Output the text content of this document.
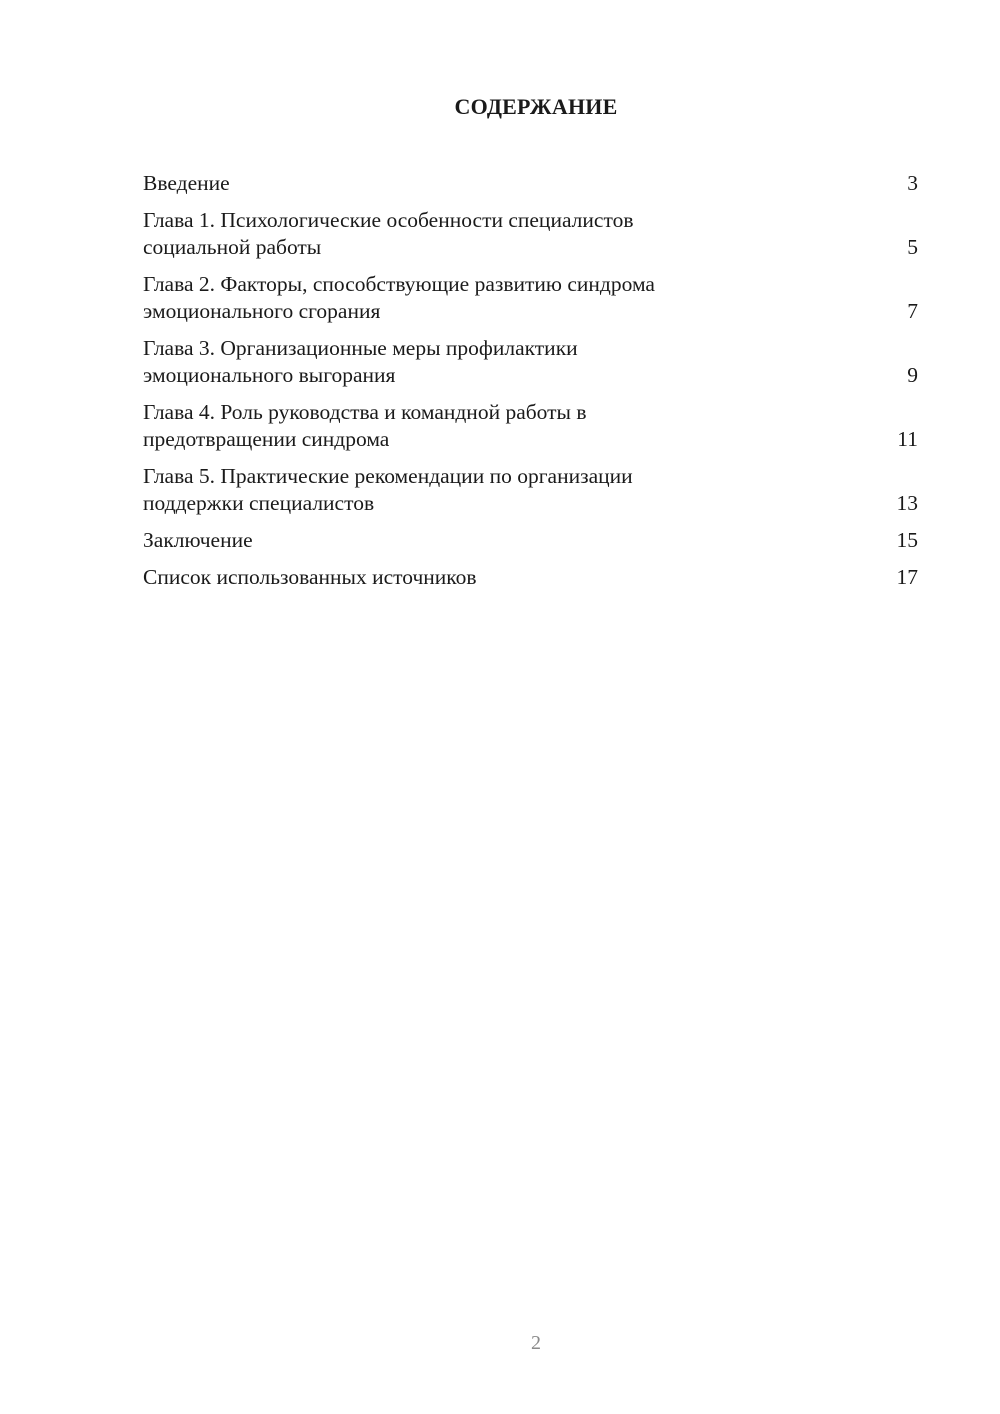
СОДЕРЖАНИЕ
Введение	3
Глава 1. Психологические особенности специалистов
социальной работы	5
Глава 2. Факторы, способствующие развитию синдрома
эмоционального сгорания	7
Глава 3. Организационные меры профилактики
эмоционального выгорания	9
Глава 4. Роль руководства и командной работы в
предотвращении синдрома	11
Глава 5. Практические рекомендации по организации
поддержки специалистов	13
Заключение	15
Список использованных источников	17
2
